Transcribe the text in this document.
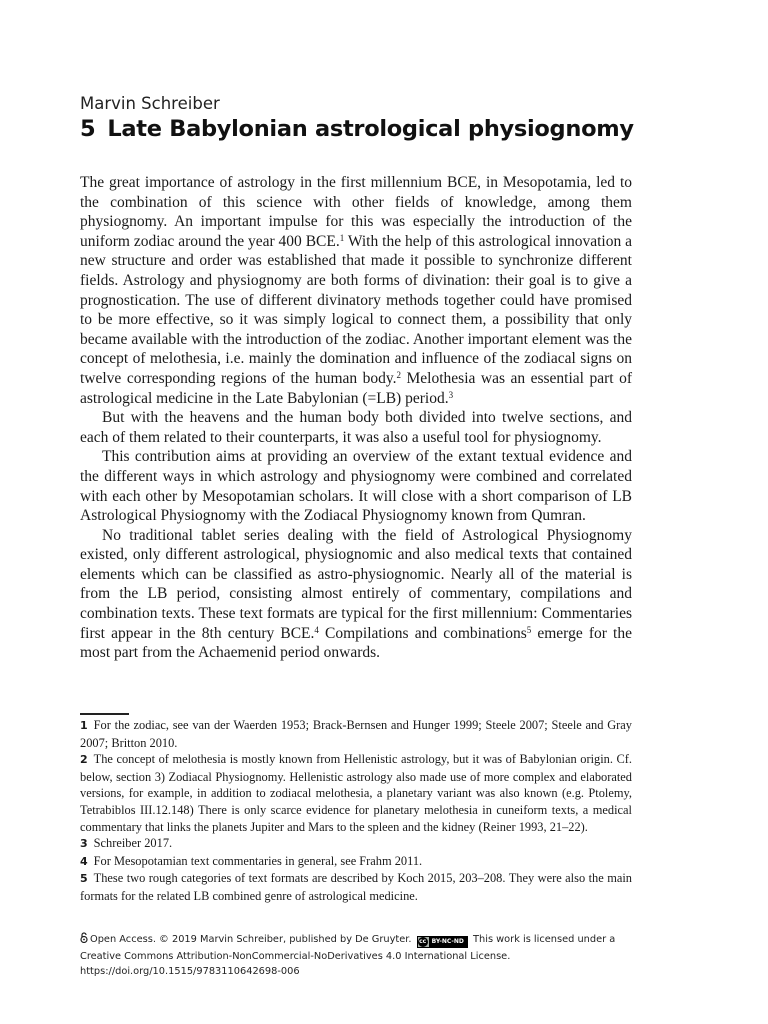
Marvin Schreiber
5 Late Babylonian astrological physiognomy

The great importance of astrology in the first millennium BCE, in Mesopotamia, led to the combination of this science with other fields of knowledge, among them physiognomy. An important impulse for this was especially the introduction of the uniform zodiac around the year 400 BCE.$^1$ With the help of this astrological innovation a new structure and order was established that made it possible to synchronize different fields. Astrology and physiognomy are both forms of divination: their goal is to give a prognostication. The use of different divinatory methods together could have promised to be more effective, so it was simply logical to connect them, a possibility that only became available with the introduction of the zodiac. Another important element was the concept of melothesia, i.e. mainly the domination and influence of the zodiacal signs on twelve corresponding regions of the human body.$^2$ Melothesia was an essential part of astrological medicine in the Late Babylonian (=LB) period.$^3$

But with the heavens and the human body both divided into twelve sections, and each of them related to their counterparts, it was also a useful tool for physiognomy.

This contribution aims at providing an overview of the extant textual evidence and the different ways in which astrology and physiognomy were combined and correlated with each other by Mesopotamian scholars. It will close with a short comparison of LB Astrological Physiognomy with the Zodiacal Physiognomy known from Qumran.

No traditional tablet series dealing with the field of Astrological Physiognomy existed, only different astrological, physiognomic and also medical texts that contained elements which can be classified as astro-physiognomic. Nearly all of the material is from the LB period, consisting almost entirely of commentary, compilations and combination texts. These text formats are typical for the first millennium: Commentaries first appear in the 8th century BCE.$^4$ Compilations and combinations$^5$ emerge for the most part from the Achaemenid period onwards.

1 For the zodiac, see van der Waerden 1953; Brack-Bernsen and Hunger 1999; Steele 2007; Steele and Gray 2007; Britton 2010.

2 The concept of melothesia is mostly known from Hellenistic astrology, but it was of Babylonian origin. Cf. below, section 3) Zodiacal Physiognomy. Hellenistic astrology also made use of more complex and elaborated versions, for example, in addition to zodiacal melothesia, a planetary variant was also known (e.g. Ptolemy, Tetrabiblos III.12.148) There is only scarce evidence for planetary melothesia in cuneiform texts, a medical commentary that links the planets Jupiter and Mars to the spleen and the kidney (Reiner 1993, 21–22).

3 Schreiber 2017.

4 For Mesopotamian text commentaries in general, see Frahm 2011.

5 These two rough categories of text formats are described by Koch 2015, 203–208. They were also the main formats for the related LB combined genre of astrological medicine.

Open Access. © 2019 Marvin Schreiber, published by De Gruyter. cc BY-NC-ND This work is licensed under a Creative Commons Attribution-NonCommercial-NoDerivatives 4.0 International License.
https://doi.org/10.1515/9783110642698-006
